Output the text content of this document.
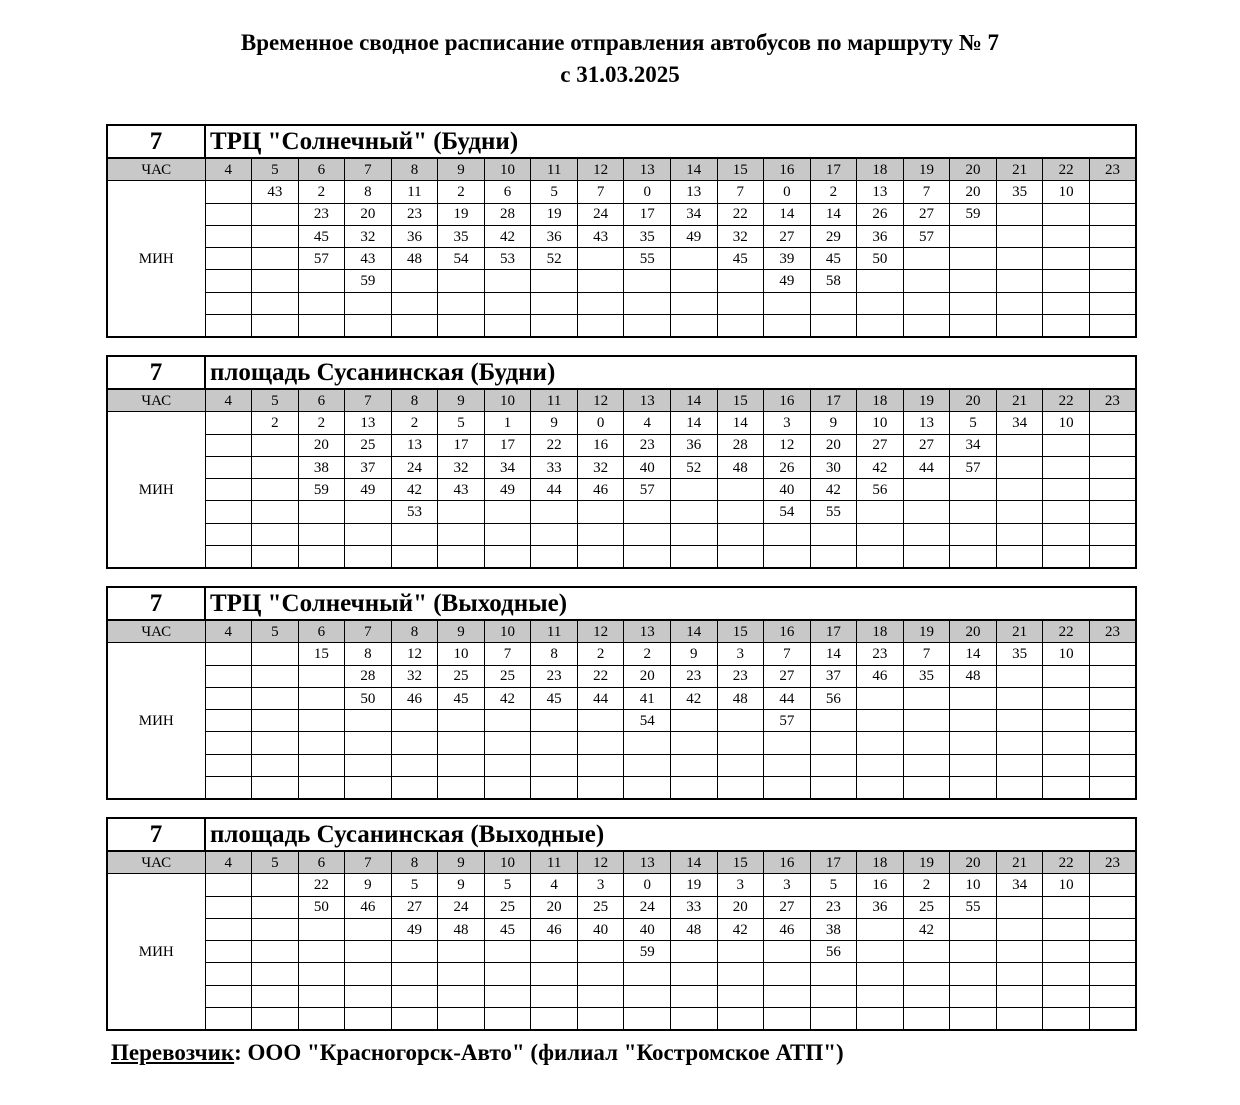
Временное сводное расписание отправления автобусов по маршруту № 7
с 31.03.2025
7	ТРЦ "Солнечный" (Будни)																			
ЧАС	4	5	6	7	8	9	10	11	12	13	14	15	16	17	18	19	20	21	22	23
МИН		43	2	8	11	2	6	5	7	0	13	7	0	2	13	7	20	35	10	
			23	20	23	19	28	19	24	17	34	22	14	14	26	27	59			
			45	32	36	35	42	36	43	35	49	32	27	29	36	57				
			57	43	48	54	53	52		55		45	39	45	50					
				59									49	58						

7	площадь Сусанинская (Будни)																			
ЧАС	4	5	6	7	8	9	10	11	12	13	14	15	16	17	18	19	20	21	22	23
МИН		2	2	13	2	5	1	9	0	4	14	14	3	9	10	13	5	34	10	
			20	25	13	17	17	22	16	23	36	28	12	20	27	27	34			
			38	37	24	32	34	33	32	40	52	48	26	30	42	44	57			
			59	49	42	43	49	44	46	57			40	42	56					
					53								54	55						

7	ТРЦ "Солнечный" (Выходные)																			
ЧАС	4	5	6	7	8	9	10	11	12	13	14	15	16	17	18	19	20	21	22	23
МИН			15	8	12	10	7	8	2	2	9	3	7	14	23	7	14	35	10	
				28	32	25	25	23	22	20	23	23	27	37	46	35	48			
				50	46	45	42	45	44	41	42	48	44	56						
										54			57							

7	площадь Сусанинская (Выходные)																			
ЧАС	4	5	6	7	8	9	10	11	12	13	14	15	16	17	18	19	20	21	22	23
МИН			22	9	5	9	5	4	3	0	19	3	3	5	16	2	10	34	10	
			50	46	27	24	25	20	25	24	33	20	27	23	36	25	55			
					49	48	45	46	40	40	48	42	46	38		42				
										59				56						

Перевозчик: ООО "Красногорск-Авто" (филиал "Костромское АТП")
